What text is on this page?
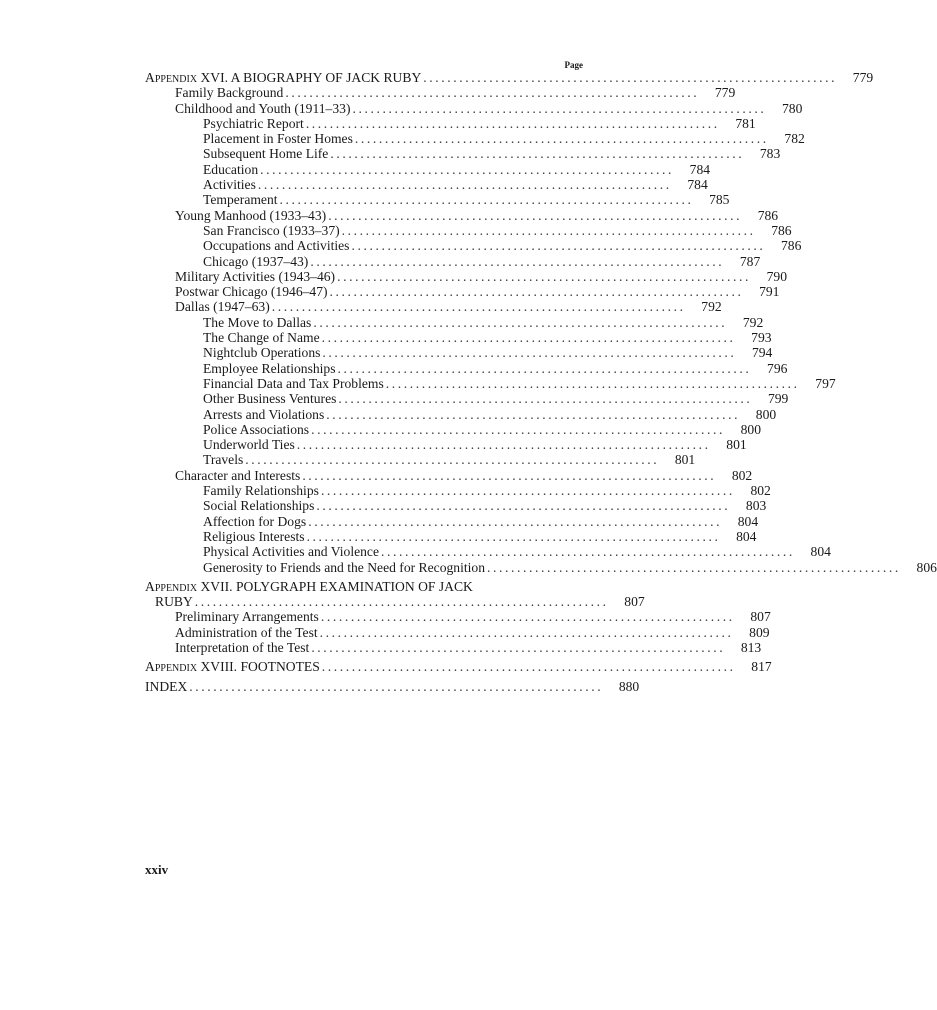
Page
Appendix XVI. A BIOGRAPHY OF JACK RUBY .....................................................................	779
Family Background .....................................................................	779
Childhood and Youth (1911–33) .....................................................................	780
Psychiatric Report .....................................................................	781
Placement in Foster Homes .....................................................................	782
Subsequent Home Life .....................................................................	783
Education .....................................................................	784
Activities .....................................................................	784
Temperament .....................................................................	785
Young Manhood (1933–43) .....................................................................	786
San Francisco (1933–37) .....................................................................	786
Occupations and Activities .....................................................................	786
Chicago (1937–43) .....................................................................	787
Military Activities (1943–46) .....................................................................	790
Postwar Chicago (1946–47) .....................................................................	791
Dallas (1947–63) .....................................................................	792
The Move to Dallas .....................................................................	792
The Change of Name .....................................................................	793
Nightclub Operations .....................................................................	794
Employee Relationships .....................................................................	796
Financial Data and Tax Problems .....................................................................	797
Other Business Ventures .....................................................................	799
Arrests and Violations .....................................................................	800
Police Associations .....................................................................	800
Underworld Ties .....................................................................	801
Travels .....................................................................	801
Character and Interests .....................................................................	802
Family Relationships .....................................................................	802
Social Relationships .....................................................................	803
Affection for Dogs .....................................................................	804
Religious Interests .....................................................................	804
Physical Activities and Violence .....................................................................	804
Generosity to Friends and the Need for Recognition .....................................................................	806
Appendix XVII. POLYGRAPH EXAMINATION OF JACK
RUBY .....................................................................	807
Preliminary Arrangements .....................................................................	807
Administration of the Test .....................................................................	809
Interpretation of the Test .....................................................................	813
Appendix XVIII. FOOTNOTES .....................................................................	817
INDEX .....................................................................	880
xxiv
